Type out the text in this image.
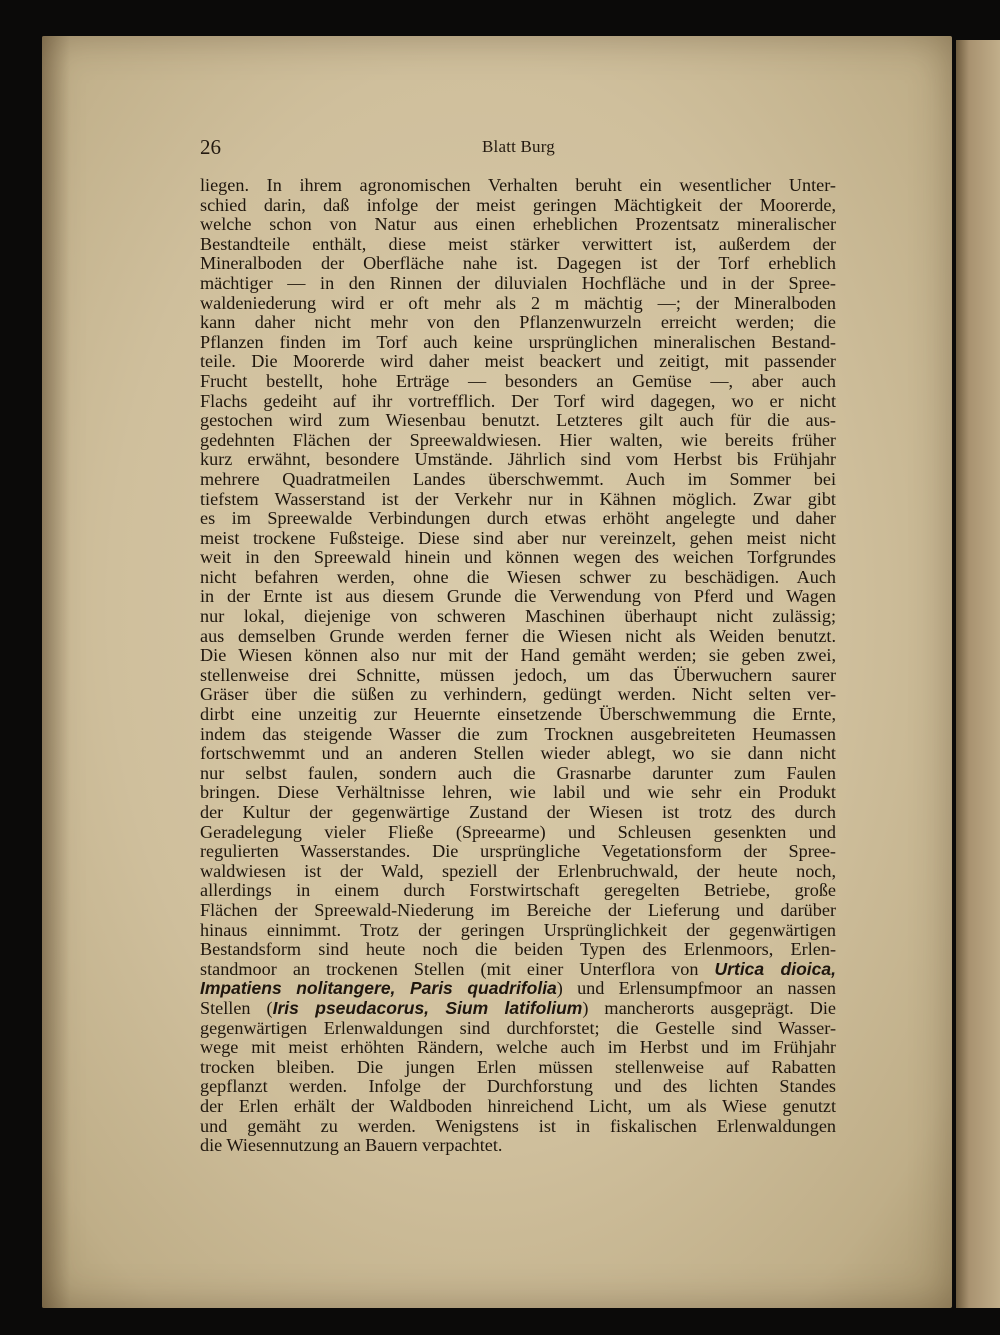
26	Blatt Burg
liegen. In ihrem agronomischen Verhalten beruht ein wesentlicher Unter-
schied darin, daß infolge der meist geringen Mächtigkeit der Moorerde,
welche schon von Natur aus einen erheblichen Prozentsatz mineralischer
Bestandteile enthält, diese meist stärker verwittert ist, außerdem der
Mineralboden der Oberfläche nahe ist. Dagegen ist der Torf erheblich
mächtiger — in den Rinnen der diluvialen Hochfläche und in der Spree-
waldeniederung wird er oft mehr als 2 m mächtig —; der Mineralboden
kann daher nicht mehr von den Pflanzenwurzeln erreicht werden; die
Pflanzen finden im Torf auch keine ursprünglichen mineralischen Bestand-
teile. Die Moorerde wird daher meist beackert und zeitigt, mit passender
Frucht bestellt, hohe Erträge — besonders an Gemüse —, aber auch
Flachs gedeiht auf ihr vortrefflich. Der Torf wird dagegen, wo er nicht
gestochen wird zum Wiesenbau benutzt. Letzteres gilt auch für die aus-
gedehnten Flächen der Spreewaldwiesen. Hier walten, wie bereits früher
kurz erwähnt, besondere Umstände. Jährlich sind vom Herbst bis Frühjahr
mehrere Quadratmeilen Landes überschwemmt. Auch im Sommer bei
tiefstem Wasserstand ist der Verkehr nur in Kähnen möglich. Zwar gibt
es im Spreewalde Verbindungen durch etwas erhöht angelegte und daher
meist trockene Fußsteige. Diese sind aber nur vereinzelt, gehen meist nicht
weit in den Spreewald hinein und können wegen des weichen Torfgrundes
nicht befahren werden, ohne die Wiesen schwer zu beschädigen. Auch
in der Ernte ist aus diesem Grunde die Verwendung von Pferd und Wagen
nur lokal, diejenige von schweren Maschinen überhaupt nicht zulässig;
aus demselben Grunde werden ferner die Wiesen nicht als Weiden benutzt.
Die Wiesen können also nur mit der Hand gemäht werden; sie geben zwei,
stellenweise drei Schnitte, müssen jedoch, um das Überwuchern saurer
Gräser über die süßen zu verhindern, gedüngt werden. Nicht selten ver-
dirbt eine unzeitig zur Heuernte einsetzende Überschwemmung die Ernte,
indem das steigende Wasser die zum Trocknen ausgebreiteten Heumassen
fortschwemmt und an anderen Stellen wieder ablegt, wo sie dann nicht
nur selbst faulen, sondern auch die Grasnarbe darunter zum Faulen
bringen. Diese Verhältnisse lehren, wie labil und wie sehr ein Produkt
der Kultur der gegenwärtige Zustand der Wiesen ist trotz des durch
Geradelegung vieler Fließe (Spreearme) und Schleusen gesenkten und
regulierten Wasserstandes. Die ursprüngliche Vegetationsform der Spree-
waldwiesen ist der Wald, speziell der Erlenbruchwald, der heute noch,
allerdings in einem durch Forstwirtschaft geregelten Betriebe, große
Flächen der Spreewald-Niederung im Bereiche der Lieferung und darüber
hinaus einnimmt. Trotz der geringen Ursprünglichkeit der gegenwärtigen
Bestandsform sind heute noch die beiden Typen des Erlenmoors, Erlen-
standmoor an trockenen Stellen (mit einer Unterflora von Urtica dioica,
Impatiens nolitangere, Paris quadrifolia) und Erlensumpfmoor an nassen
Stellen (Iris pseudacorus, Sium latifolium) mancherorts ausgeprägt. Die
gegenwärtigen Erlenwaldungen sind durchforstet; die Gestelle sind Wasser-
wege mit meist erhöhten Rändern, welche auch im Herbst und im Frühjahr
trocken bleiben. Die jungen Erlen müssen stellenweise auf Rabatten
gepflanzt werden. Infolge der Durchforstung und des lichten Standes
der Erlen erhält der Waldboden hinreichend Licht, um als Wiese genutzt
und gemäht zu werden. Wenigstens ist in fiskalischen Erlenwaldungen
die Wiesennutzung an Bauern verpachtet.
